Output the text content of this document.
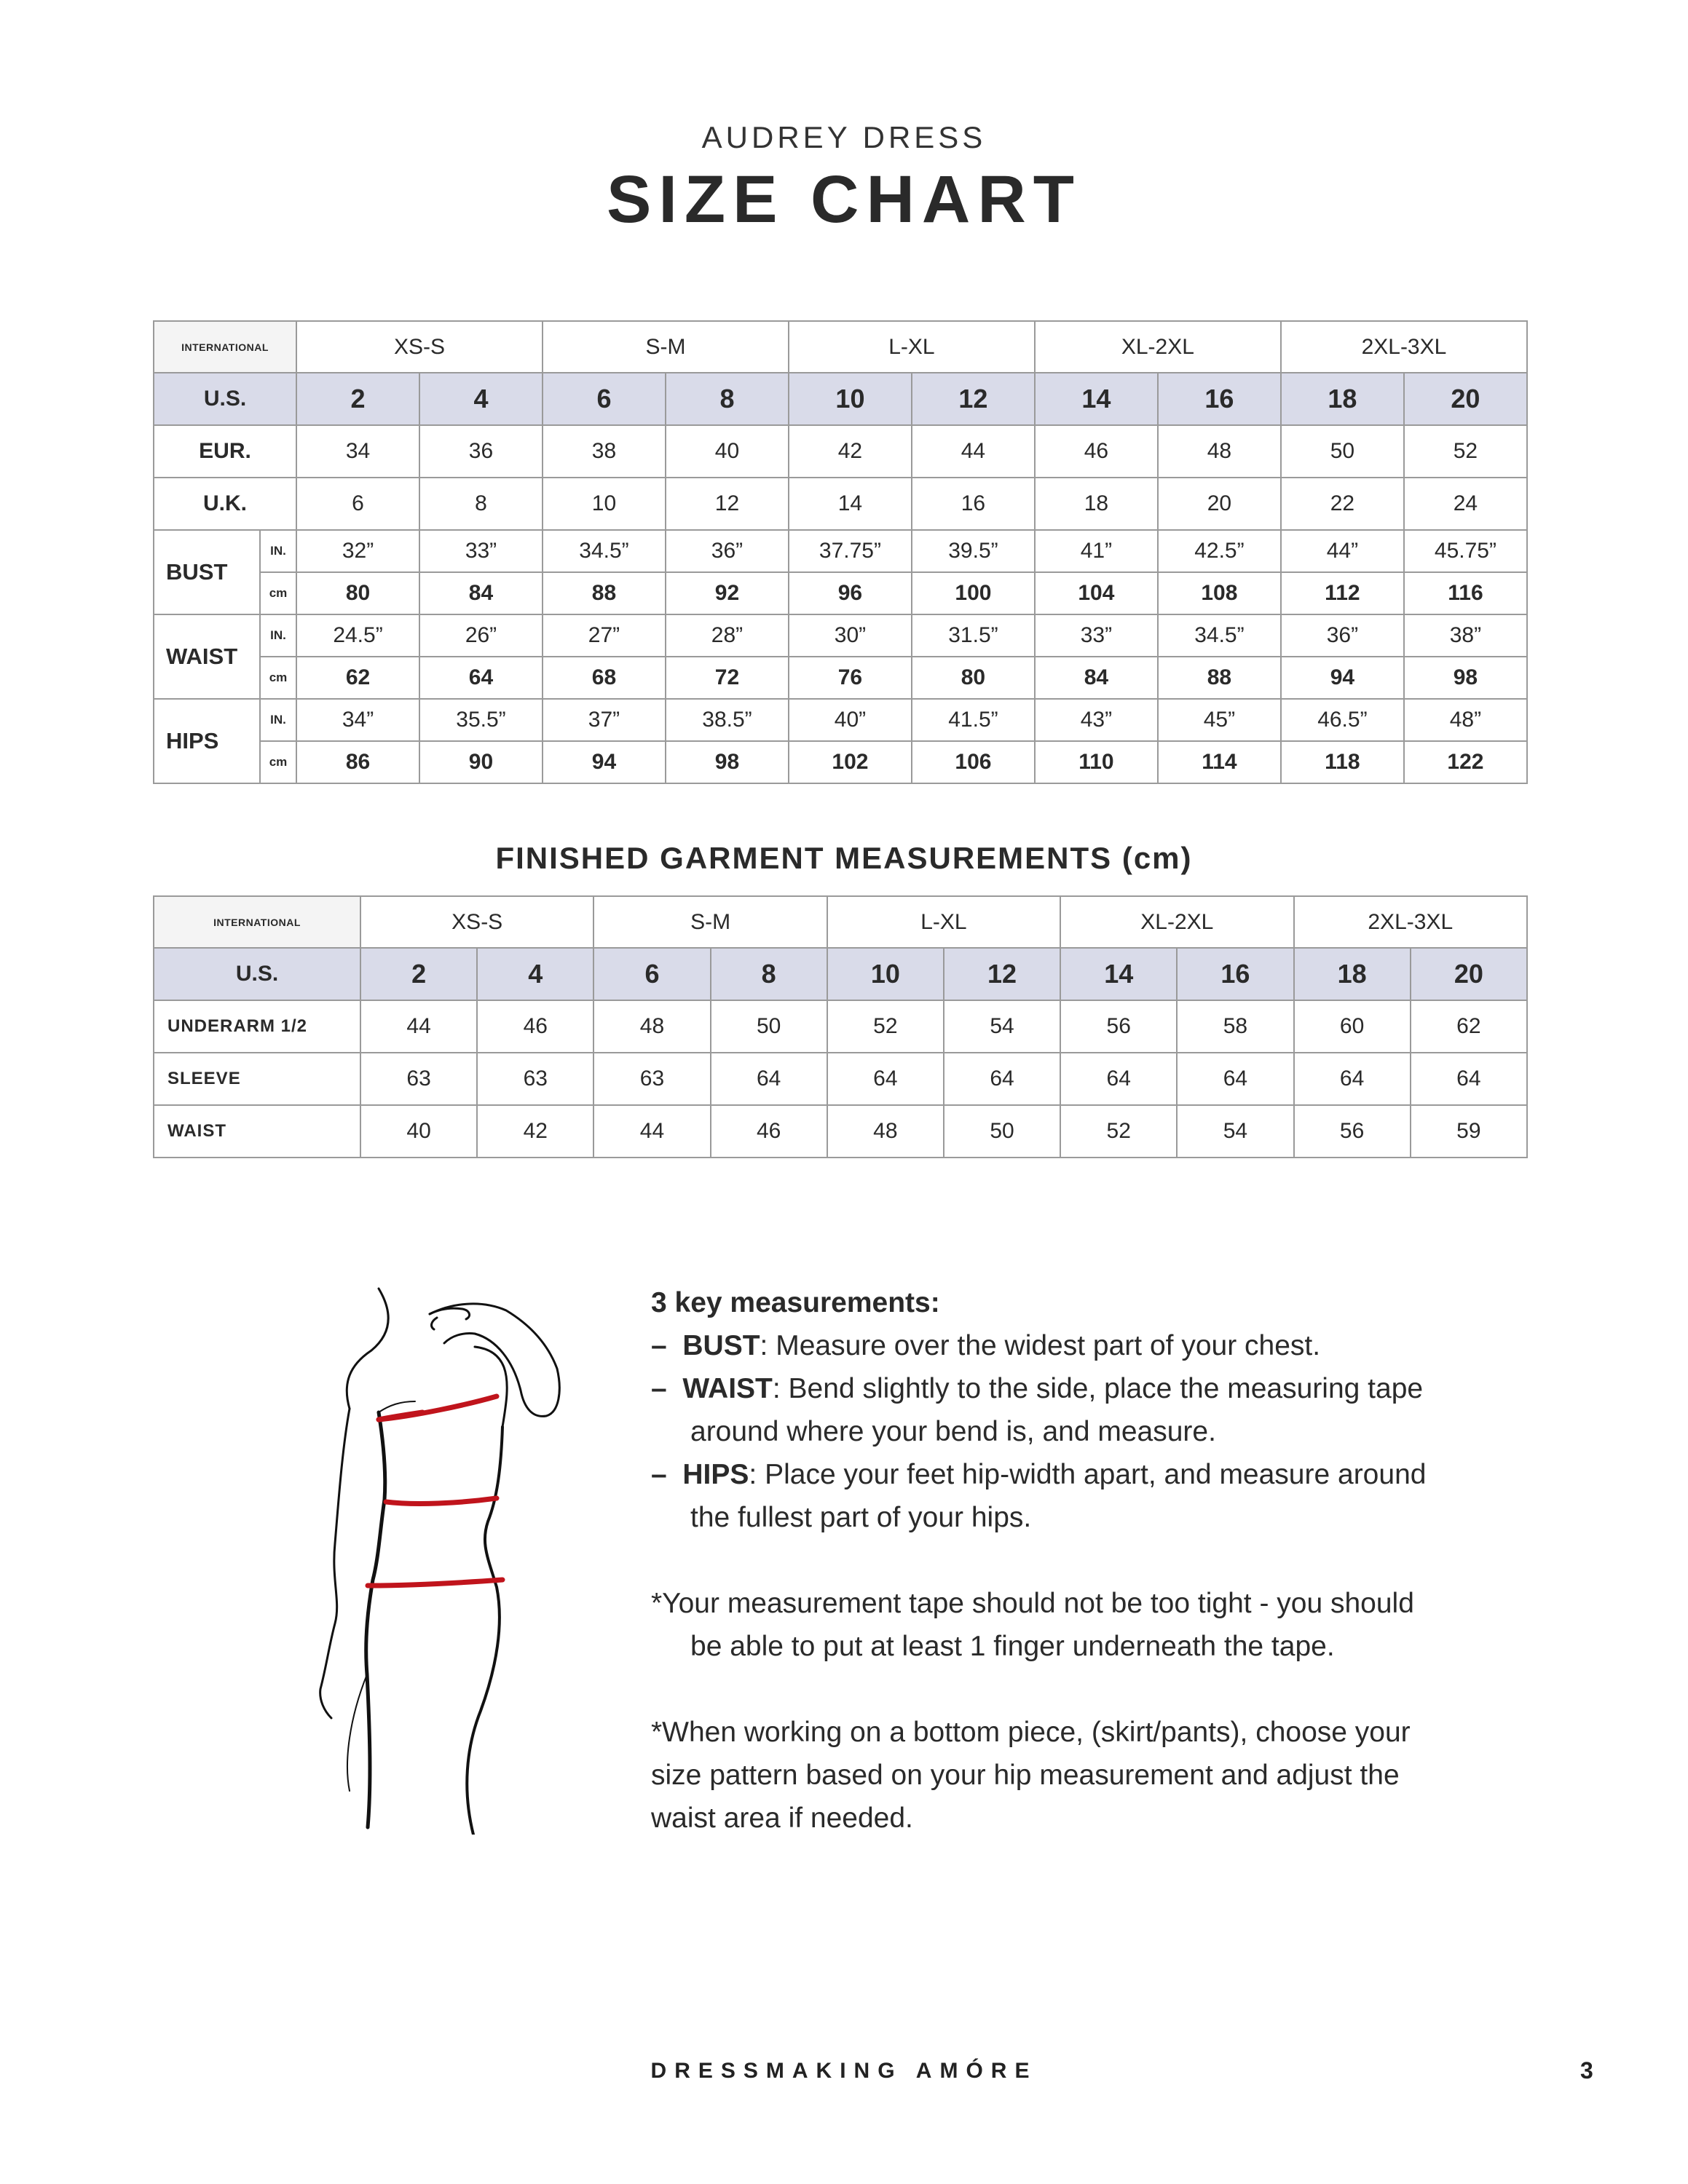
AUDREY DRESS
SIZE CHART
INTERNATIONAL		XS-S		S-M		L-XL		XL-2XL		2XL-3XL	
U.S.		2	4	6	8	10	12	14	16	18	20
EUR.		34	36	38	40	42	44	46	48	50	52
U.K.		6	8	10	12	14	16	18	20	22	24
BUST	IN.	32”	33”	34.5”	36”	37.75”	39.5”	41”	42.5”	44”	45.75”
	cm	80	84	88	92	96	100	104	108	112	116
WAIST	IN.	24.5”	26”	27”	28”	30”	31.5”	33”	34.5”	36”	38”
	cm	62	64	68	72	76	80	84	88	94	98
HIPS	IN.	34”	35.5”	37”	38.5”	40”	41.5”	43”	45”	46.5”	48”
	cm	86	90	94	98	102	106	110	114	118	122
FINISHED GARMENT MEASUREMENTS (cm)
INTERNATIONAL	XS-S		S-M		L-XL		XL-2XL		2XL-3XL	
U.S.	2	4	6	8	10	12	14	16	18	20
UNDERARM 1/2	44	46	48	50	52	54	56	58	60	62
SLEEVE	63	63	63	64	64	64	64	64	64	64
WAIST	40	42	44	46	48	50	52	54	56	59

3 key measurements:

– BUST: Measure over the widest part of your chest.

– WAIST: Bend slightly to the side, place the measuring tape

around where your bend is, and measure.

– HIPS: Place your feet hip-width apart, and measure around

the fullest part of your hips.

*Your measurement tape should not be too tight - you should

be able to put at least 1 finger underneath the tape.

*When working on a bottom piece, (skirt/pants), choose your

size pattern based on your hip measurement and adjust the

waist area if needed.

DRESSMAKING AMÓRE	3
